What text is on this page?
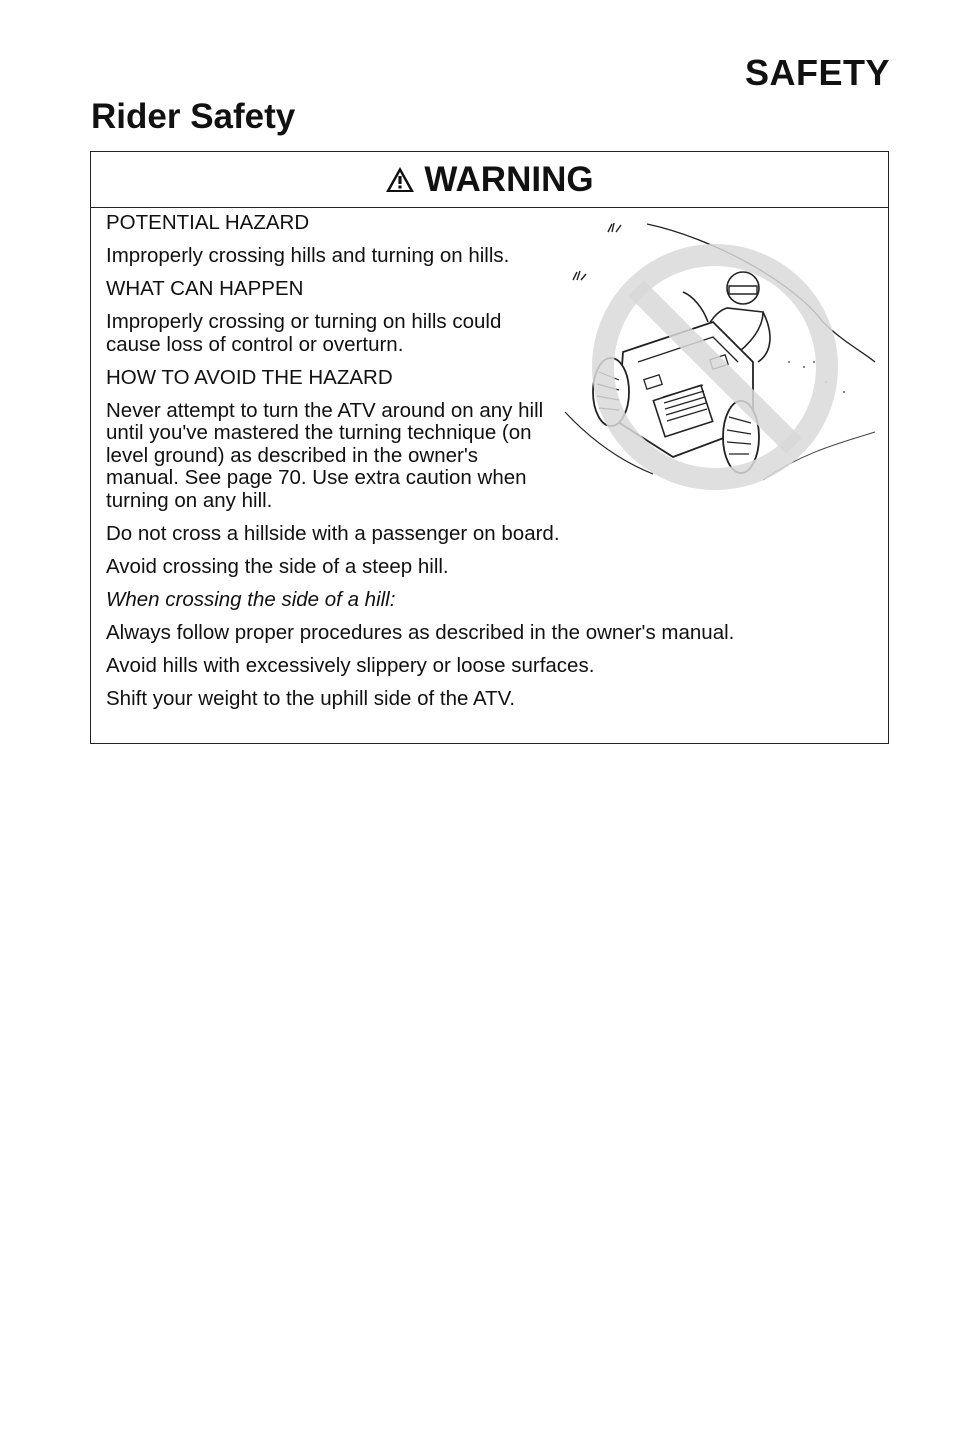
SAFETY
Rider Safety
WARNING

POTENTIAL HAZARD

Improperly crossing hills and turning on hills.

WHAT CAN HAPPEN

Improperly crossing or turning on hills could cause loss of control or overturn.

HOW TO AVOID THE HAZARD

Never attempt to turn the ATV around on any hill until you've mastered the turning technique (on level ground) as described in the owner's manual. See page 70. Use extra caution when turning on any hill.

Do not cross a hillside with a passenger on board.

Avoid crossing the side of a steep hill.

When crossing the side of a hill:

Always follow proper procedures as described in the owner's manual.

Avoid hills with excessively slippery or loose surfaces.

Shift your weight to the uphill side of the ATV.
